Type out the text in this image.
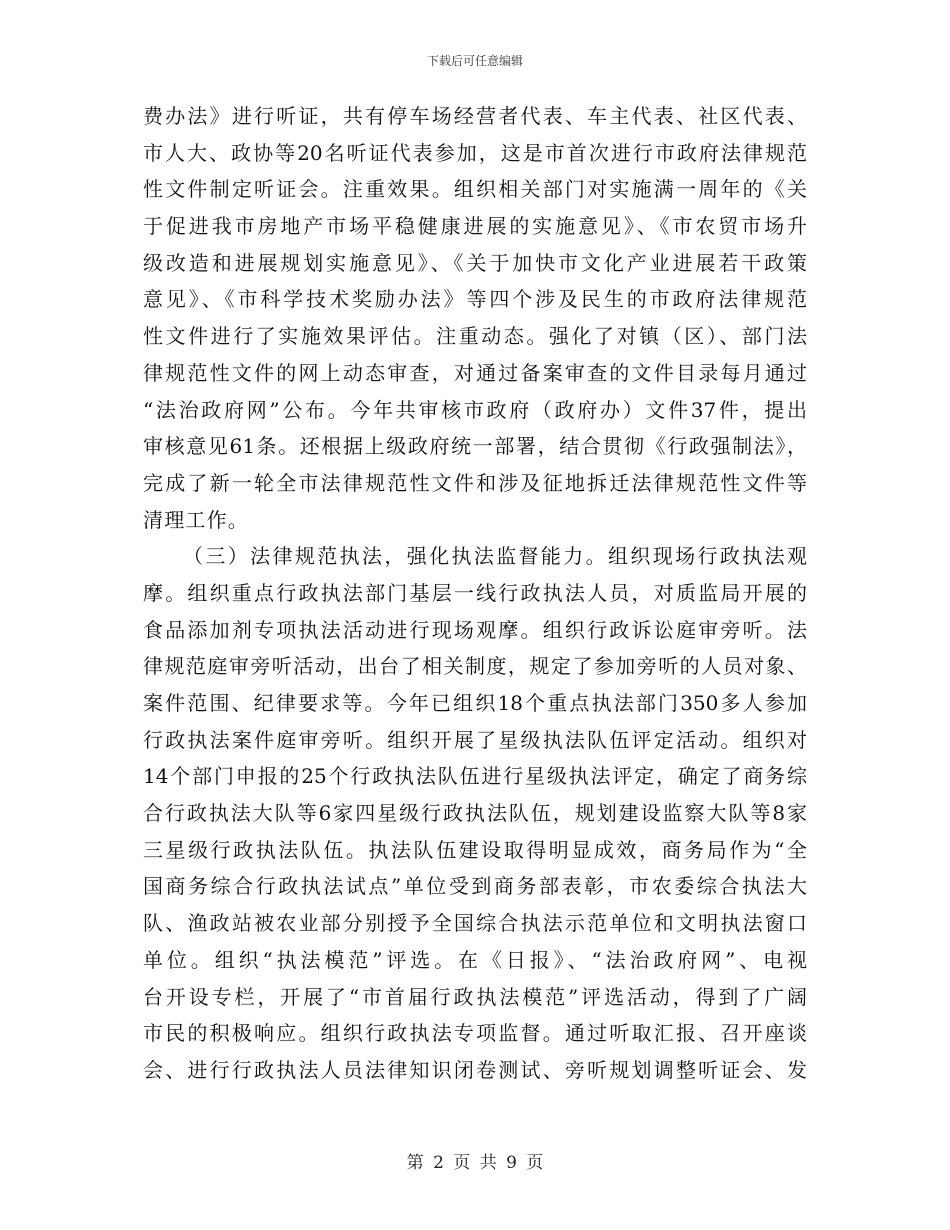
下载后可任意编辑
费办法》进行听证，共有停车场经营者代表、车主代表、社区代表、
市人大、政协等20名听证代表参加，这是市首次进行市政府法律规范
性文件制定听证会。注重效果。组织相关部门对实施满一周年的《关
于促进我市房地产市场平稳健康进展的实施意见》、《市农贸市场升
级改造和进展规划实施意见》、《关于加快市文化产业进展若干政策
意见》、《市科学技术奖励办法》等四个涉及民生的市政府法律规范
性文件进行了实施效果评估。注重动态。强化了对镇（区）、部门法
律规范性文件的网上动态审查，对通过备案审查的文件目录每月通过
“法治政府网”公布。今年共审核市政府（政府办）文件37件，提出
审核意见61条。还根据上级政府统一部署，结合贯彻《行政强制法》，
完成了新一轮全市法律规范性文件和涉及征地拆迁法律规范性文件等
清理工作。
（三）法律规范执法，强化执法监督能力。组织现场行政执法观
摩。组织重点行政执法部门基层一线行政执法人员，对质监局开展的
食品添加剂专项执法活动进行现场观摩。组织行政诉讼庭审旁听。法
律规范庭审旁听活动，出台了相关制度，规定了参加旁听的人员对象、
案件范围、纪律要求等。今年已组织18个重点执法部门350多人参加
行政执法案件庭审旁听。组织开展了星级执法队伍评定活动。组织对
14个部门申报的25个行政执法队伍进行星级执法评定，确定了商务综
合行政执法大队等6家四星级行政执法队伍，规划建设监察大队等8家
三星级行政执法队伍。执法队伍建设取得明显成效，商务局作为“全
国商务综合行政执法试点”单位受到商务部表彰，市农委综合执法大
队、渔政站被农业部分别授予全国综合执法示范单位和文明执法窗口
单位。组织“执法模范”评选。在《日报》、“法治政府网”、电视
台开设专栏，开展了“市首届行政执法模范”评选活动，得到了广阔
市民的积极响应。组织行政执法专项监督。通过听取汇报、召开座谈
会、进行行政执法人员法律知识闭卷测试、旁听规划调整听证会、发
第 2 页 共 9 页
